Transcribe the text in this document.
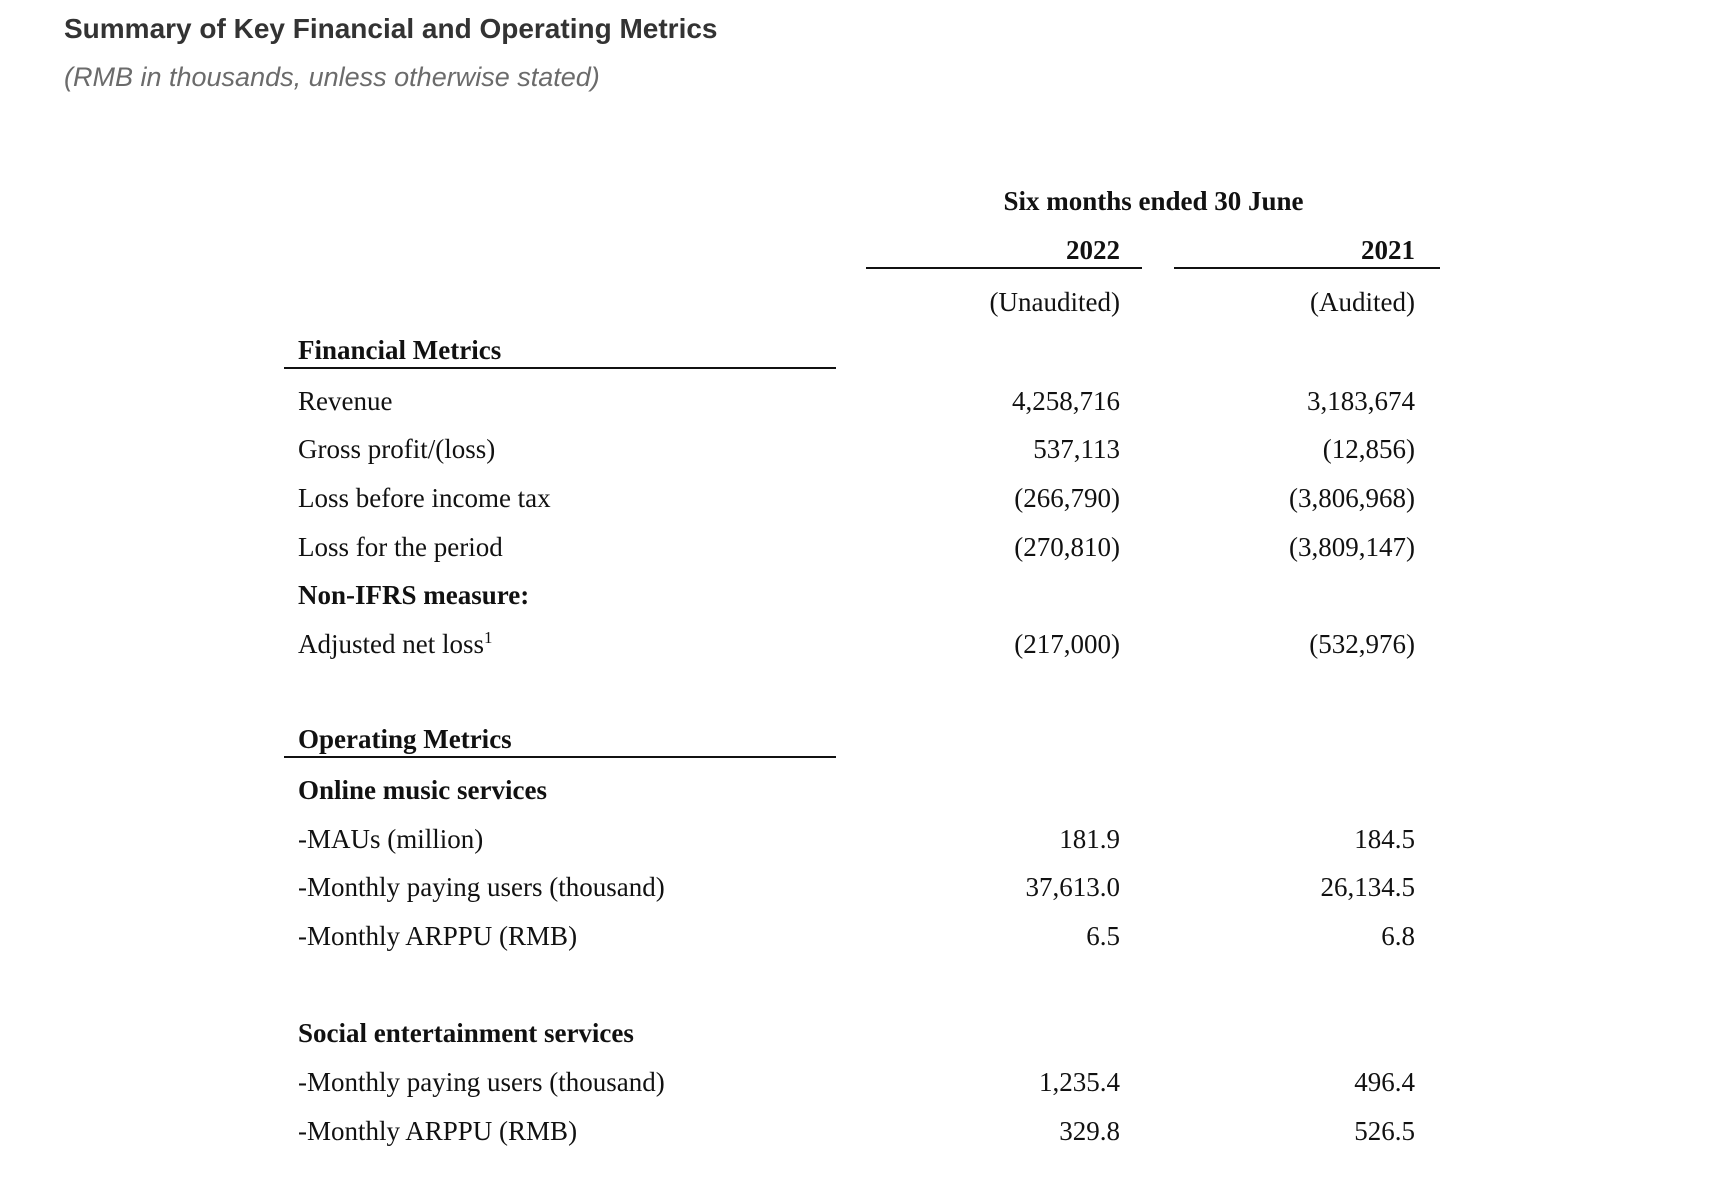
Summary of Key Financial and Operating Metrics
(RMB in thousands, unless otherwise stated)
Six months ended 30 June
2022	2021
(Unaudited)	(Audited)
Financial Metrics
Revenue	4,258,716	3,183,674
Gross profit/(loss)	537,113	(12,856)
Loss before income tax	(266,790)	(3,806,968)
Loss for the period	(270,810)	(3,809,147)
Non-IFRS measure:
Adjusted net loss$^1$	(217,000)	(532,976)
Operating Metrics
Online music services
-MAUs (million)	181.9	184.5
-Monthly paying users (thousand)	37,613.0	26,134.5
-Monthly ARPPU (RMB)	6.5	6.8
Social entertainment services
-Monthly paying users (thousand)	1,235.4	496.4
-Monthly ARPPU (RMB)	329.8	526.5
